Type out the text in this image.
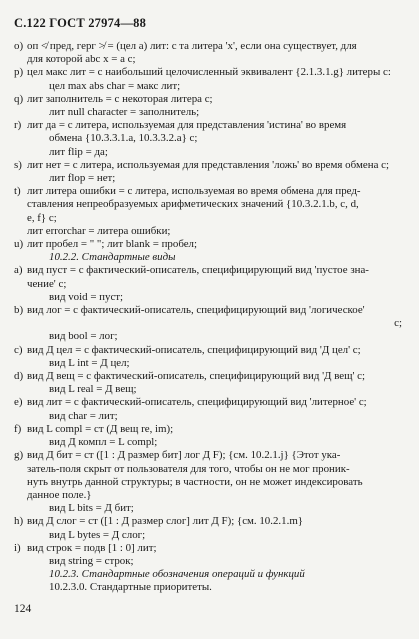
С.122 ГОСТ 27974—88
o) oп ≮ пред, герг ≯ = (цел а) лит: с та литера 'x', если она существует, для
для которой abc x = а с;
p) цел макс лит = с наибольший целочисленный эквивалент {2.1.3.1.g} литеры с:
цел max abs char = макс лит;
q) лит заполнитель = с некоторая литера с;
лит null character = заполнитель;
r) лит да = с литера, используемая для представления 'истина' во время
обмена {10.3.3.1.a, 10.3.3.2.a} с;
лит flip = да;
s) лит нет = с литера, используемая для представления 'ложь' во время обмена с;
лит flop = нет;
t) лит литера ошибки = с литера, используемая во время обмена для пред-
ставления непреобразуемых арифметических значений {10.3.2.1.b, c, d,
e, f} с;
лит errorchar = литера ошибки;
u) лит пробел = " "; лит blank = пробел;
10.2.2. Стандартные виды
a) вид пуст = с фактический-описатель, специфицирующий вид 'пустое зна-
чение' с;
вид void = пуст;
b) вид лог = с фактический-описатель, специфицирующий вид 'логическое'
с;
вид bool = лог;
c) вид Д цел = с фактический-описатель, специфицирующий вид 'Д цел' с;
вид L int = Д цел;
d) вид Д вещ = с фактический-описатель, специфицирующий вид 'Д вещ' с;
вид L real = Д вещ;
e) вид лит = с фактический-описатель, специфицирующий вид 'литерное' с;
вид char = лит;
f) вид L compl = ст (Д вещ re, im);
вид Д компл = L compl;
g) вид Д бит = ст ([1 : Д размер бит] лог Д F); {см. 10.2.1.j} {Этот ука-
затель-поля скрыт от пользователя для того, чтобы он не мог проник-
нуть внутрь данной структуры; в частности, он не может индексировать
данное поле.}
вид L bits = Д бит;
h) вид Д слог = ст ([1 : Д размер слог] лит Д F); {см. 10.2.1.m}
вид L bytes = Д слог;
i) вид строк = подв [1 : 0] лит;
вид string = строк;
10.2.3. Стандартные обозначения операций и функций
10.2.3.0. Стандартные приоритеты.
124
